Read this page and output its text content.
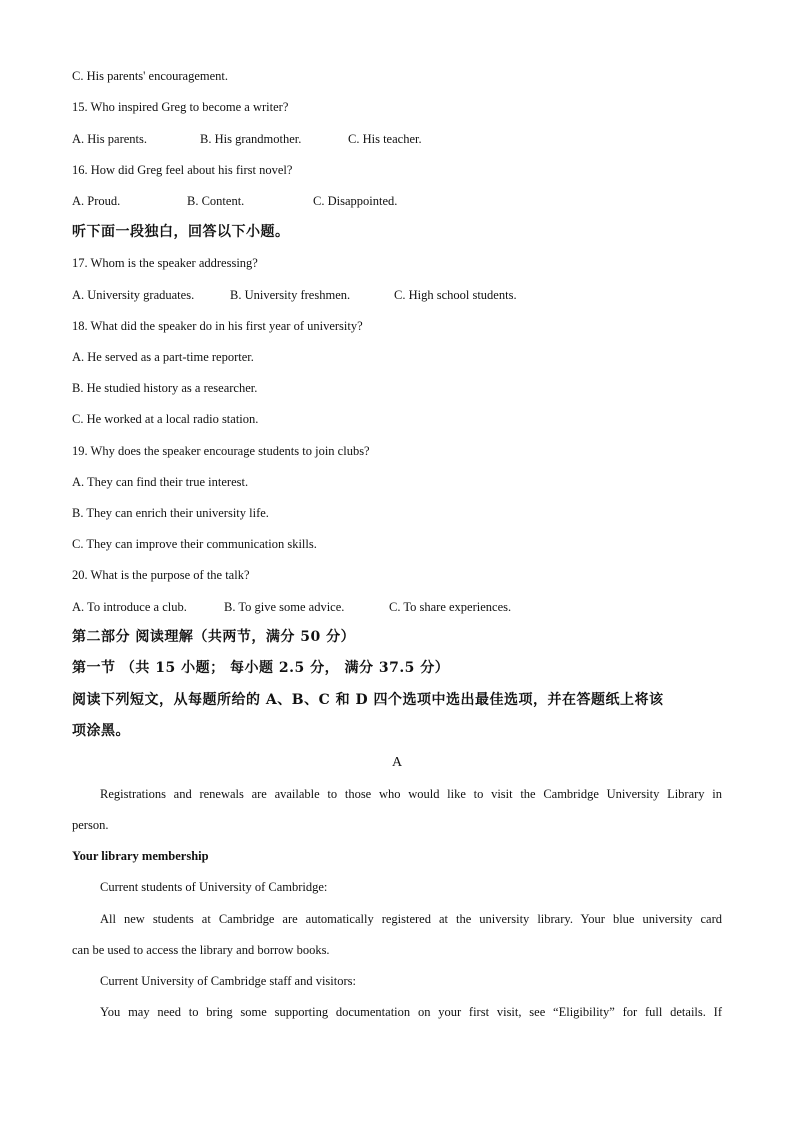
C. His parents' encouragement.
15. Who inspired Greg to become a writer?
A. His parents.	B. His grandmother.	C. His teacher.
16. How did Greg feel about his first novel?
A. Proud.	B. Content.	C. Disappointed.
听下面一段独白，回答以下小题。
17. Whom is the speaker addressing?
A. University graduates.	B. University freshmen.	C. High school students.
18. What did the speaker do in his first year of university?
A. He served as a part-time reporter.
B. He studied history as a researcher.
C. He worked at a local radio station.
19. Why does the speaker encourage students to join clubs?
A. They can find their true interest.
B. They can enrich their university life.
C. They can improve their communication skills.
20. What is the purpose of the talk?
A. To introduce a club.	B. To give some advice.	C. To share experiences.
第二部分 阅读理解（共两节，满分 50 分）
第一节 （共 15 小题； 每小题 2.5 分， 满分 37.5 分）
阅读下列短文，从每题所给的 A、B、C 和 D 四个选项中选出最佳选项，并在答题纸上将该
项涂黑。
A
Registrations and renewals are available to those who would like to visit the Cambridge University Library in
person.
Your library membership
Current students of University of Cambridge:
All new students at Cambridge are automatically registered at the university library. Your blue university card
can be used to access the library and borrow books.
Current University of Cambridge staff and visitors:
You may need to bring some supporting documentation on your first visit, see “Eligibility” for full details. If
